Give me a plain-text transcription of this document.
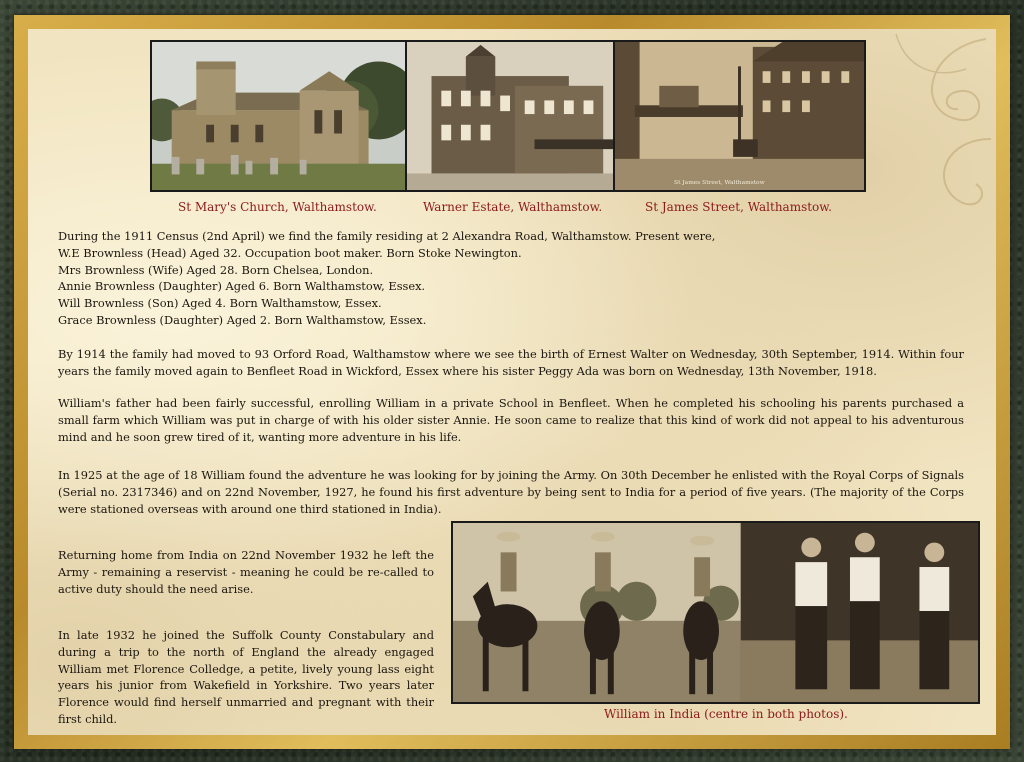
St James Street, Walthamstow
St Mary's Church, Walthamstow.	Warner Estate, Walthamstow.	St James Street, Walthamstow.
During the 1911 Census (2nd April) we find the family residing at 2 Alexandra Road, Walthamstow. Present were,
W.E Brownless (Head) Aged 32. Occupation boot maker. Born Stoke Newington.
Mrs Brownless (Wife) Aged 28. Born Chelsea, London.
Annie Brownless (Daughter) Aged 6. Born Walthamstow, Essex.
Will Brownless (Son) Aged 4. Born Walthamstow, Essex.
Grace Brownless (Daughter) Aged 2. Born Walthamstow, Essex.
By 1914 the family had moved to 93 Orford Road, Walthamstow where we see the birth of Ernest Walter on Wednesday, 30th September, 1914. Within four years the family moved again to Benfleet Road in Wickford, Essex where his sister Peggy Ada was born on Wednesday, 13th November, 1918.
William's father had been fairly successful, enrolling William in a private School in Benfleet. When he completed his schooling his parents purchased a small farm which William was put in charge of with his older sister Annie. He soon came to realize that this kind of work did not appeal to his adventurous mind and he soon grew tired of it, wanting more adventure in his life.
In 1925 at the age of 18 William found the adventure he was looking for by joining the Army. On 30th December he enlisted with the Royal Corps of Signals (Serial no. 2317346) and on 22nd November, 1927, he found his first adventure by being sent to India for a period of five years. (The majority of the Corps were stationed overseas with around one third stationed in India).
Returning home from India on 22nd November 1932 he left the Army - remaining a reservist - meaning he could be re-called to active duty should the need arise.
In late 1932 he joined the Suffolk County Constabulary and during a trip to the north of England the already engaged William met Florence Colledge, a petite, lively young lass eight years his junior from Wakefield in Yorkshire. Two years later Florence would find herself unmarried and pregnant with their first child.	William in India (centre in both photos).
